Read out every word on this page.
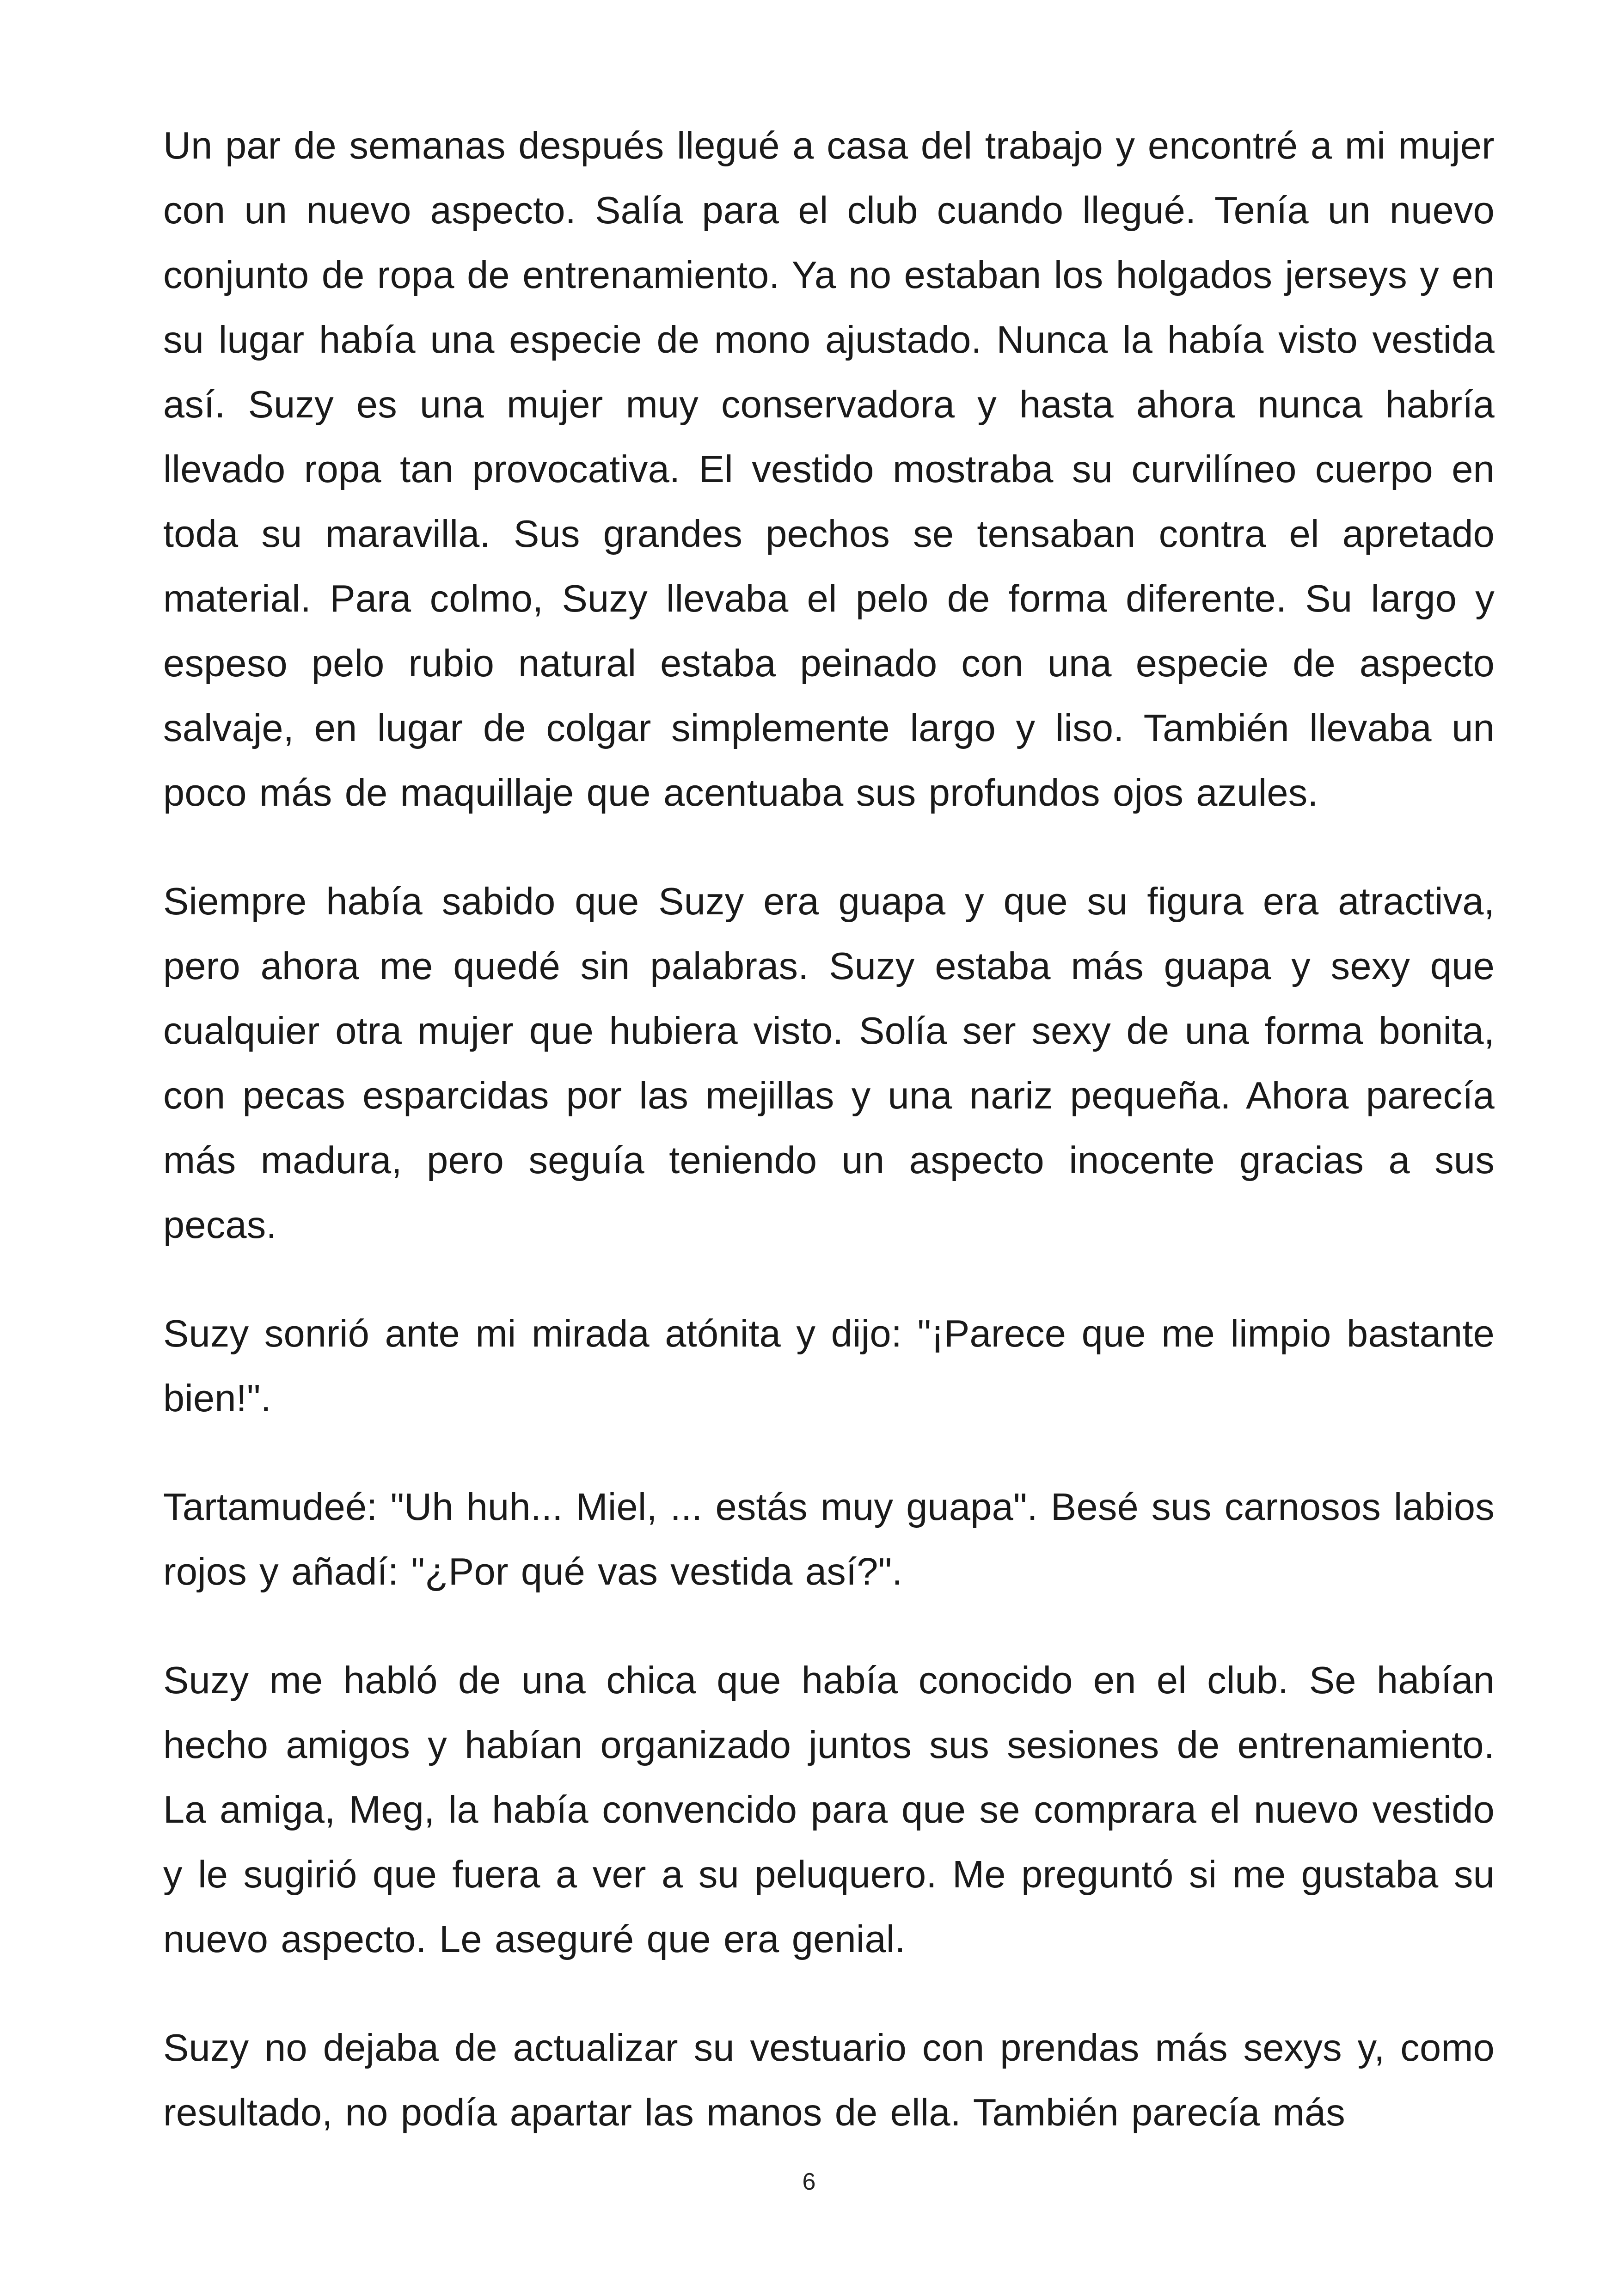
Un par de semanas después llegué a casa del trabajo y encontré a mi mujer con un nuevo aspecto. Salía para el club cuando llegué. Tenía un nuevo conjunto de ropa de entrenamiento. Ya no estaban los holgados jerseys y en su lugar había una especie de mono ajustado. Nunca la había visto vestida así. Suzy es una mujer muy conservadora y hasta ahora nunca habría llevado ropa tan provocativa. El vestido mostraba su curvilíneo cuerpo en toda su maravilla. Sus grandes pechos se tensaban contra el apretado material. Para colmo, Suzy llevaba el pelo de forma diferente. Su largo y espeso pelo rubio natural estaba peinado con una especie de aspecto salvaje, en lugar de colgar simplemente largo y liso. También llevaba un poco más de maquillaje que acentuaba sus profundos ojos azules.

Siempre había sabido que Suzy era guapa y que su figura era atractiva, pero ahora me quedé sin palabras. Suzy estaba más guapa y sexy que cualquier otra mujer que hubiera visto. Solía ser sexy de una forma bonita, con pecas esparcidas por las mejillas y una nariz pequeña. Ahora parecía más madura, pero seguía teniendo un aspecto inocente gracias a sus pecas.

Suzy sonrió ante mi mirada atónita y dijo: "¡Parece que me limpio bastante bien!".

Tartamudeé: "Uh huh... Miel, ... estás muy guapa". Besé sus carnosos labios rojos y añadí: "¿Por qué vas vestida así?".

Suzy me habló de una chica que había conocido en el club. Se habían hecho amigos y habían organizado juntos sus sesiones de entrenamiento. La amiga, Meg, la había convencido para que se comprara el nuevo vestido y le sugirió que fuera a ver a su peluquero. Me preguntó si me gustaba su nuevo aspecto. Le aseguré que era genial.

Suzy no dejaba de actualizar su vestuario con prendas más sexys y, como resultado, no podía apartar las manos de ella. También parecía más

6
